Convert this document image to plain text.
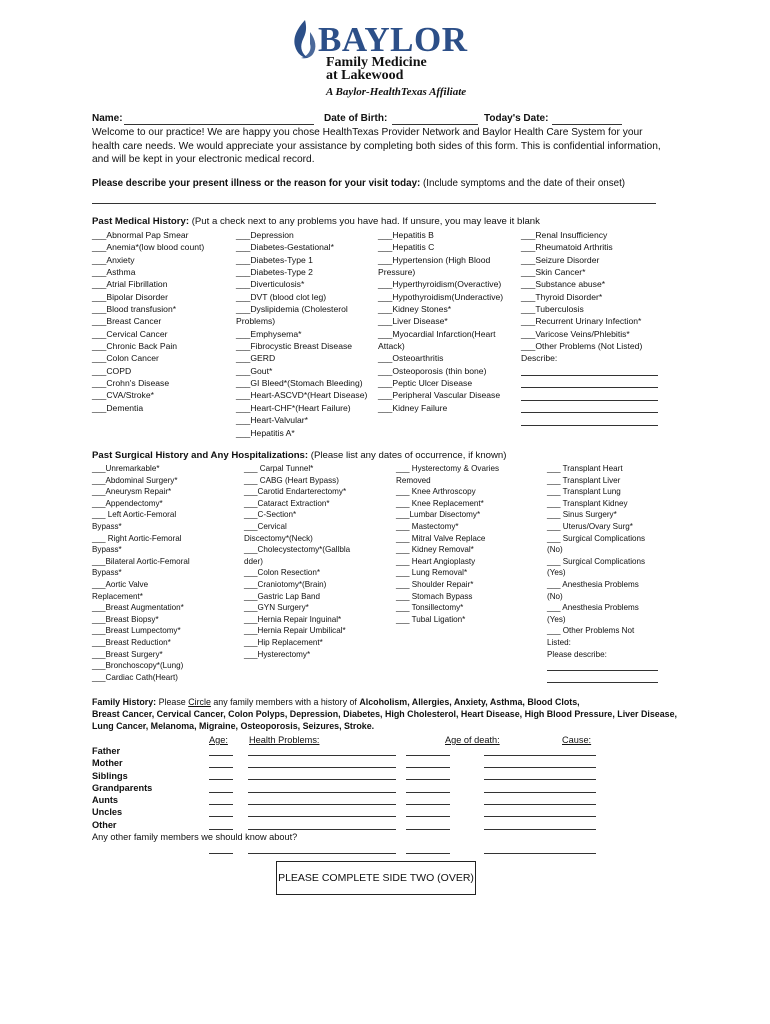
BAYLOR
Family Medicine
at Lakewood
A Baylor-HealthTexas Affiliate
Name:	Date of Birth:	Today's Date:
Welcome to our practice! We are happy you chose HealthTexas Provider Network and Baylor Health Care System for your health care needs. We would appreciate your assistance by completing both sides of this form. This is confidential information, and will be kept in your electronic medical record.
Please describe your present illness or the reason for your visit today: (Include symptoms and the date of their onset)
Past Medical History: (Put a check next to any problems you have had. If unsure, you may leave it blank
___Abnormal Pap Smear
___Anemia*(low blood count)
___Anxiety
___Asthma
___Atrial Fibrillation
___Bipolar Disorder
___Blood transfusion*
___Breast Cancer
___Cervical Cancer
___Chronic Back Pain
___Colon Cancer
___COPD
___Crohn's Disease
___CVA/Stroke*
___Dementia
___Depression
___Diabetes-Gestational*
___Diabetes-Type 1
___Diabetes-Type 2
___Diverticulosis*
___DVT (blood clot leg)
___Dyslipidemia (Cholesterol
Problems)
___Emphysema*
___Fibrocystic Breast Disease
___GERD
___Gout*
___GI Bleed*(Stomach Bleeding)
___Heart-ASCVD*(Heart Disease)
___Heart-CHF*(Heart Failure)
___Heart-Valvular*
___Hepatitis A*
___Hepatitis B
___Hepatitis C
___Hypertension (High Blood
Pressure)
___Hyperthyroidism(Overactive)
___Hypothyroidism(Underactive)
___Kidney Stones*
___Liver Disease*
___Myocardial Infarction(Heart
Attack)
___Osteoarthritis
___Osteoporosis (thin bone)
___Peptic Ulcer Disease
___Peripheral Vascular Disease
___Kidney Failure
___Renal Insufficiency
___Rheumatoid Arthritis
___Seizure Disorder
___Skin Cancer*
___Substance abuse*
___Thyroid Disorder*
___Tuberculosis
___Recurrent Urinary Infection*
___Varicose Veins/Phlebitis*
___Other Problems (Not Listed)
Describe:
Past Surgical History and Any Hospitalizations: (Please list any dates of occurrence, if known)
___Unremarkable*
___Abdominal Surgery*
___Aneurysm Repair*
___Appendectomy*
___ Left Aortic-Femoral
Bypass*
___ Right Aortic-Femoral
Bypass*
___Bilateral Aortic-Femoral
Bypass*
___Aortic Valve
Replacement*
___Breast Augmentation*
___Breast Biopsy*
___Breast Lumpectomy*
___Breast Reduction*
___Breast Surgery*
___Bronchoscopy*(Lung)
___Cardiac Cath(Heart)
___ Carpal Tunnel*
___ CABG (Heart Bypass)
___Carotid Endarterectomy*
___Cataract Extraction*
___C-Section*
___Cervical
Discectomy*(Neck)
___Cholecystectomy*(Gallbla
dder)
___Colon Resection*
___Craniotomy*(Brain)
___Gastric Lap Band
___GYN Surgery*
___Hernia Repair Inguinal*
___Hernia Repair Umbilical*
___Hip Replacement*
___Hysterectomy*
___ Hysterectomy & Ovaries
Removed
___ Knee Arthroscopy
___ Knee Replacement*
___Lumbar Disectomy*
___ Mastectomy*
___ Mitral Valve Replace
___ Kidney Removal*
___ Heart Angioplasty
___ Lung Removal*
___ Shoulder Repair*
___ Stomach Bypass
___ Tonsillectomy*
___ Tubal Ligation*
___ Transplant Heart
___ Transplant Liver
___ Transplant Lung
___ Transplant Kidney
___ Sinus Surgery*
___ Uterus/Ovary Surg*
___ Surgical Complications
(No)
___ Surgical Complications
(Yes)
___ Anesthesia Problems
(No)
___ Anesthesia Problems
(Yes)
___ Other Problems Not
Listed:
Please describe:
Family History: Please Circle any family members with a history of Alcoholism, Allergies, Anxiety, Asthma, Blood Clots,
Breast Cancer, Cervical Cancer, Colon Polyps, Depression, Diabetes, High Cholesterol, Heart Disease, High Blood Pressure, Liver Disease,
Lung Cancer, Melanoma, Migraine, Osteoporosis, Seizures, Stroke.
Age: Health Problems:	Age of death:	Cause:
Father
Mother
Siblings
Grandparents
Aunts
Uncles
Other
Any other family members we should know about?
PLEASE COMPLETE SIDE TWO (OVER)
